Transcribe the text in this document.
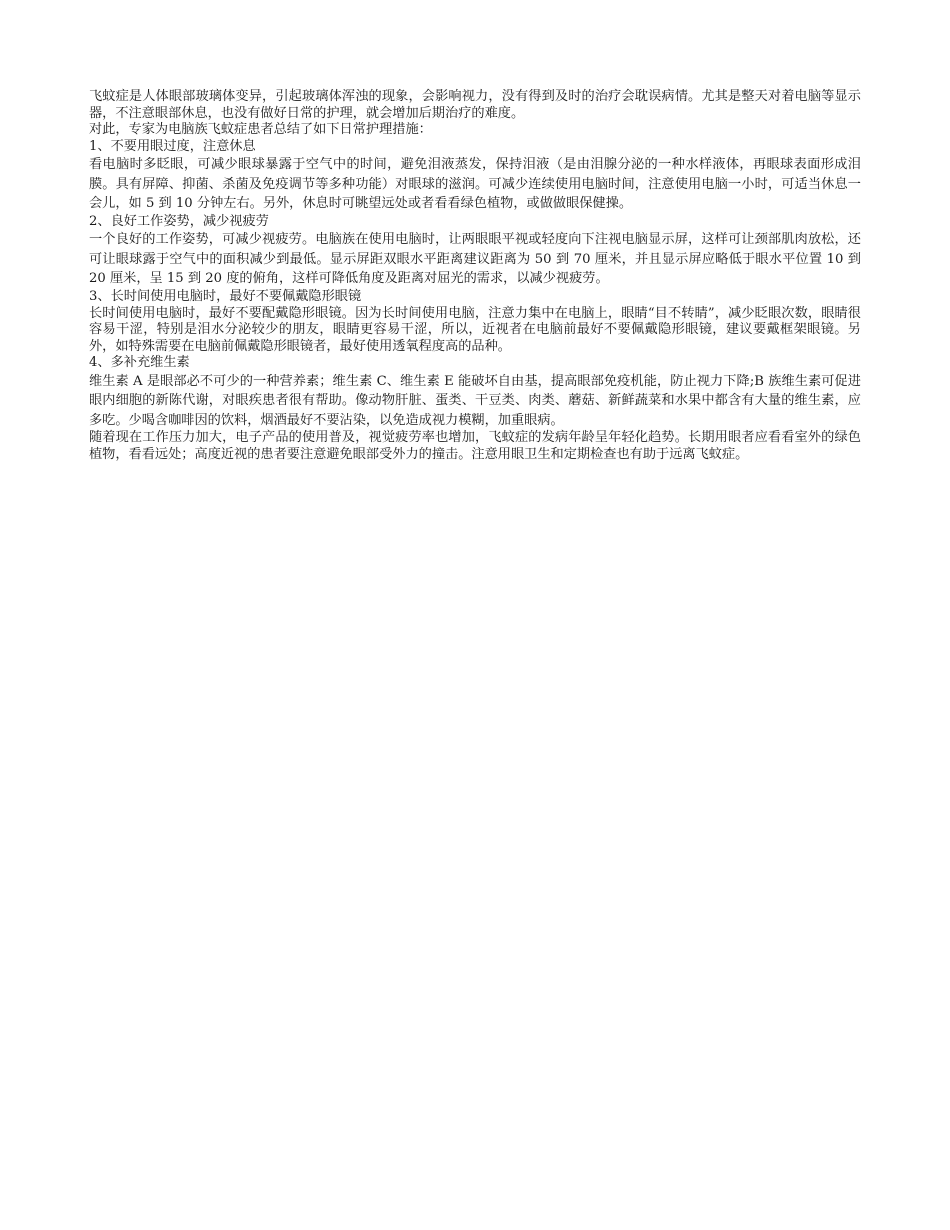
飞蚊症是人体眼部玻璃体变异，引起玻璃体浑浊的现象，会影响视力，没有得到及时的治疗会耽误病情。尤其是整天对着电脑等显示器，不注意眼部休息，也没有做好日常的护理，就会增加后期治疗的难度。

对此，专家为电脑族飞蚊症患者总结了如下日常护理措施：

1、不要用眼过度，注意休息

看电脑时多眨眼，可减少眼球暴露于空气中的时间，避免泪液蒸发，保持泪液（是由泪腺分泌的一种水样液体，再眼球表面形成泪膜。具有屏障、抑菌、杀菌及免疫调节等多种功能）对眼球的滋润。可减少连续使用电脑时间，注意使用电脑一小时，可适当休息一会儿，如 5 到 10 分钟左右。另外，休息时可眺望远处或者看看绿色植物，或做做眼保健操。

2、良好工作姿势，减少视疲劳

一个良好的工作姿势，可减少视疲劳。电脑族在使用电脑时，让两眼眼平视或轻度向下注视电脑显示屏，这样可让颈部肌肉放松，还可让眼球露于空气中的面积减少到最低。显示屏距双眼水平距离建议距离为 50 到 70 厘米，并且显示屏应略低于眼水平位置 10 到 20 厘米，呈 15 到 20 度的俯角，这样可降低角度及距离对屈光的需求，以减少视疲劳。

3、长时间使用电脑时，最好不要佩戴隐形眼镜

长时间使用电脑时，最好不要配戴隐形眼镜。因为长时间使用电脑，注意力集中在电脑上，眼睛“目不转睛”，减少眨眼次数，眼睛很容易干涩，特别是泪水分泌较少的朋友，眼睛更容易干涩，所以，近视者在电脑前最好不要佩戴隐形眼镜，建议要戴框架眼镜。另外，如特殊需要在电脑前佩戴隐形眼镜者，最好使用透氧程度高的品种。

4、多补充维生素

维生素 A 是眼部必不可少的一种营养素；维生素 C、维生素 E 能破坏自由基，提高眼部免疫机能，防止视力下降;B 族维生素可促进眼内细胞的新陈代谢，对眼疾患者很有帮助。像动物肝脏、蛋类、干豆类、肉类、蘑菇、新鲜蔬菜和水果中都含有大量的维生素，应多吃。少喝含咖啡因的饮料，烟酒最好不要沾染，以免造成视力模糊，加重眼病。

随着现在工作压力加大，电子产品的使用普及，视觉疲劳率也增加，飞蚊症的发病年龄呈年轻化趋势。长期用眼者应看看室外的绿色植物，看看远处；高度近视的患者要注意避免眼部受外力的撞击。注意用眼卫生和定期检查也有助于远离飞蚊症。
